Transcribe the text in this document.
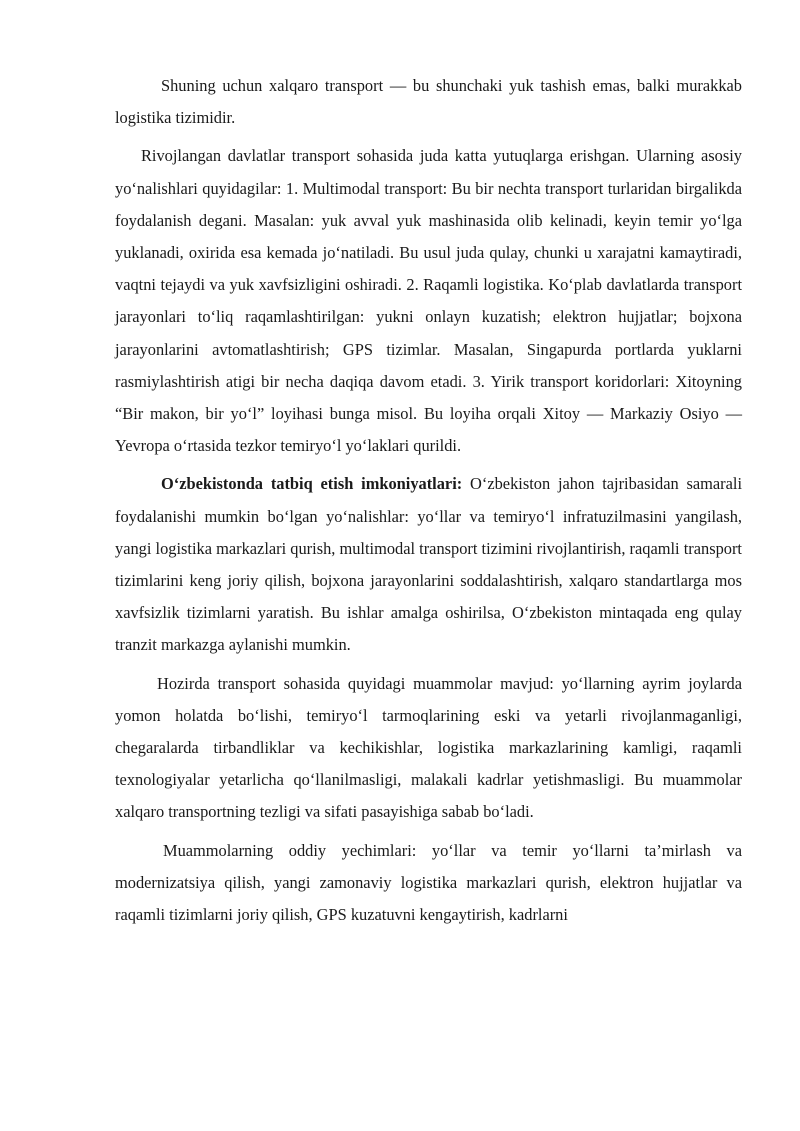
Shuning uchun xalqaro transport — bu shunchaki yuk tashish emas, balki murakkab logistika tizimidir.

Rivojlangan davlatlar transport sohasida juda katta yutuqlarga erishgan. Ularning asosiy yo‘nalishlari quyidagilar: 1. Multimodal transport: Bu bir nechta transport turlaridan birgalikda foydalanish degani. Masalan: yuk avval yuk mashinasida olib kelinadi, keyin temir yo‘lga yuklanadi, oxirida esa kemada jo‘natiladi. Bu usul juda qulay, chunki u xarajatni kamaytiradi, vaqtni tejaydi va yuk xavfsizligini oshiradi. 2. Raqamli logistika. Ko‘plab davlatlarda transport jarayonlari to‘liq raqamlashtirilgan: yukni onlayn kuzatish; elektron hujjatlar; bojxona jarayonlarini avtomatlashtirish; GPS tizimlar. Masalan, Singapurda portlarda yuklarni rasmiylashtirish atigi bir necha daqiqa davom etadi. 3. Yirik transport koridorlari: Xitoyning “Bir makon, bir yo‘l” loyihasi bunga misol. Bu loyiha orqali Xitoy — Markaziy Osiyo — Yevropa o‘rtasida tezkor temiryo‘l yo‘laklari qurildi.

O‘zbekistonda tatbiq etish imkoniyatlari: O‘zbekiston jahon tajribasidan samarali foydalanishi mumkin bo‘lgan yo‘nalishlar: yo‘llar va temiryo‘l infratuzilmasini yangilash, yangi logistika markazlari qurish, multimodal transport tizimini rivojlantirish, raqamli transport tizimlarini keng joriy qilish, bojxona jarayonlarini soddalashtirish, xalqaro standartlarga mos xavfsizlik tizimlarni yaratish. Bu ishlar amalga oshirilsa, O‘zbekiston mintaqada eng qulay tranzit markazga aylanishi mumkin.

Hozirda transport sohasida quyidagi muammolar mavjud: yo‘llarning ayrim joylarda yomon holatda bo‘lishi, temiryo‘l tarmoqlarining eski va yetarli rivojlanmaganligi, chegaralarda tirbandliklar va kechikishlar, logistika markazlarining kamligi, raqamli texnologiyalar yetarlicha qo‘llanilmasligi, malakali kadrlar yetishmasligi. Bu muammolar xalqaro transportning tezligi va sifati pasayishiga sabab bo‘ladi.

Muammolarning oddiy yechimlari: yo‘llar va temir yo‘llarni ta’mirlash va modernizatsiya qilish, yangi zamonaviy logistika markazlari qurish, elektron hujjatlar va raqamli tizimlarni joriy qilish, GPS kuzatuvni kengaytirish, kadrlarni
